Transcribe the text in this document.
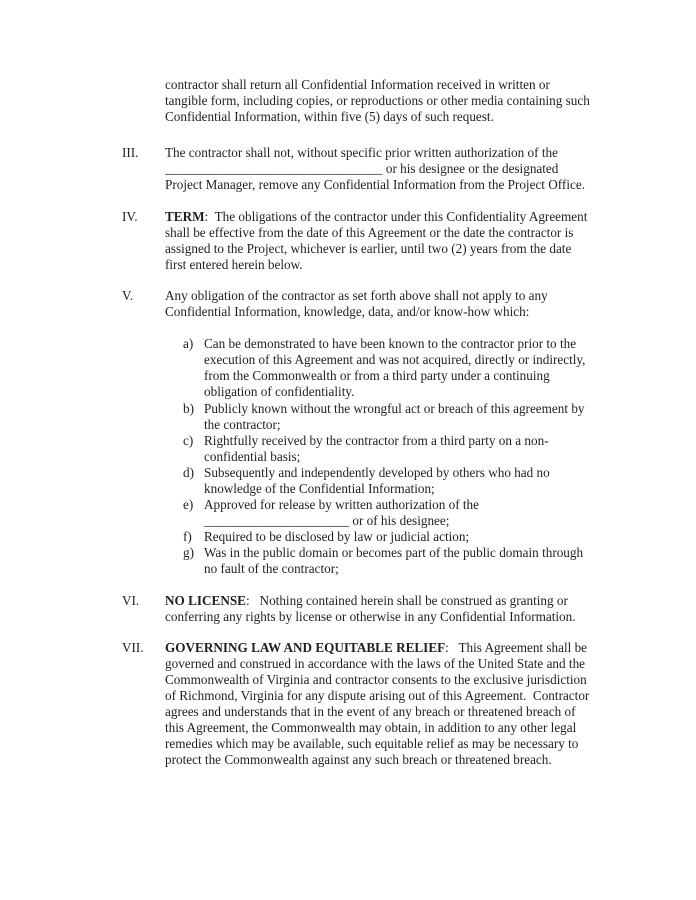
contractor shall return all Confidential Information received in written or tangible form, including copies, or reproductions or other media containing such Confidential Information, within five (5) days of such request.

III.	The contractor shall not, without specific prior written authorization of the _________________________________ or his designee or the designated Project Manager, remove any Confidential Information from the Project Office.

IV.	TERM:  The obligations of the contractor under this Confidentiality Agreement shall be effective from the date of this Agreement or the date the contractor is assigned to the Project, whichever is earlier, until two (2) years from the date first entered herein below.

V.	Any obligation of the contractor as set forth above shall not apply to any Confidential Information, knowledge, data, and/or know-how which:

a) Can be demonstrated to have been known to the contractor prior to the execution of this Agreement and was not acquired, directly or indirectly, from the Commonwealth or from a third party under a continuing obligation of confidentiality.
b) Publicly known without the wrongful act or breach of this agreement by the contractor;
c) Rightfully received by the contractor from a third party on a non-confidential basis;
d) Subsequently and independently developed by others who had no knowledge of the Confidential Information;
e) Approved for release by written authorization of the ______________________ or of his designee;
f) Required to be disclosed by law or judicial action;
g) Was in the public domain or becomes part of the public domain through no fault of the contractor;
VI.	NO LICENSE:   Nothing contained herein shall be construed as granting or conferring any rights by license or otherwise in any Confidential Information.

VII.	GOVERNING LAW AND EQUITABLE RELIEF:   This Agreement shall be governed and construed in accordance with the laws of the United State and the Commonwealth of Virginia and contractor consents to the exclusive jurisdiction of Richmond, Virginia for any dispute arising out of this Agreement.  Contractor agrees and understands that in the event of any breach or threatened breach of this Agreement, the Commonwealth may obtain, in addition to any other legal remedies which may be available, such equitable relief as may be necessary to protect the Commonwealth against any such breach or threatened breach.
